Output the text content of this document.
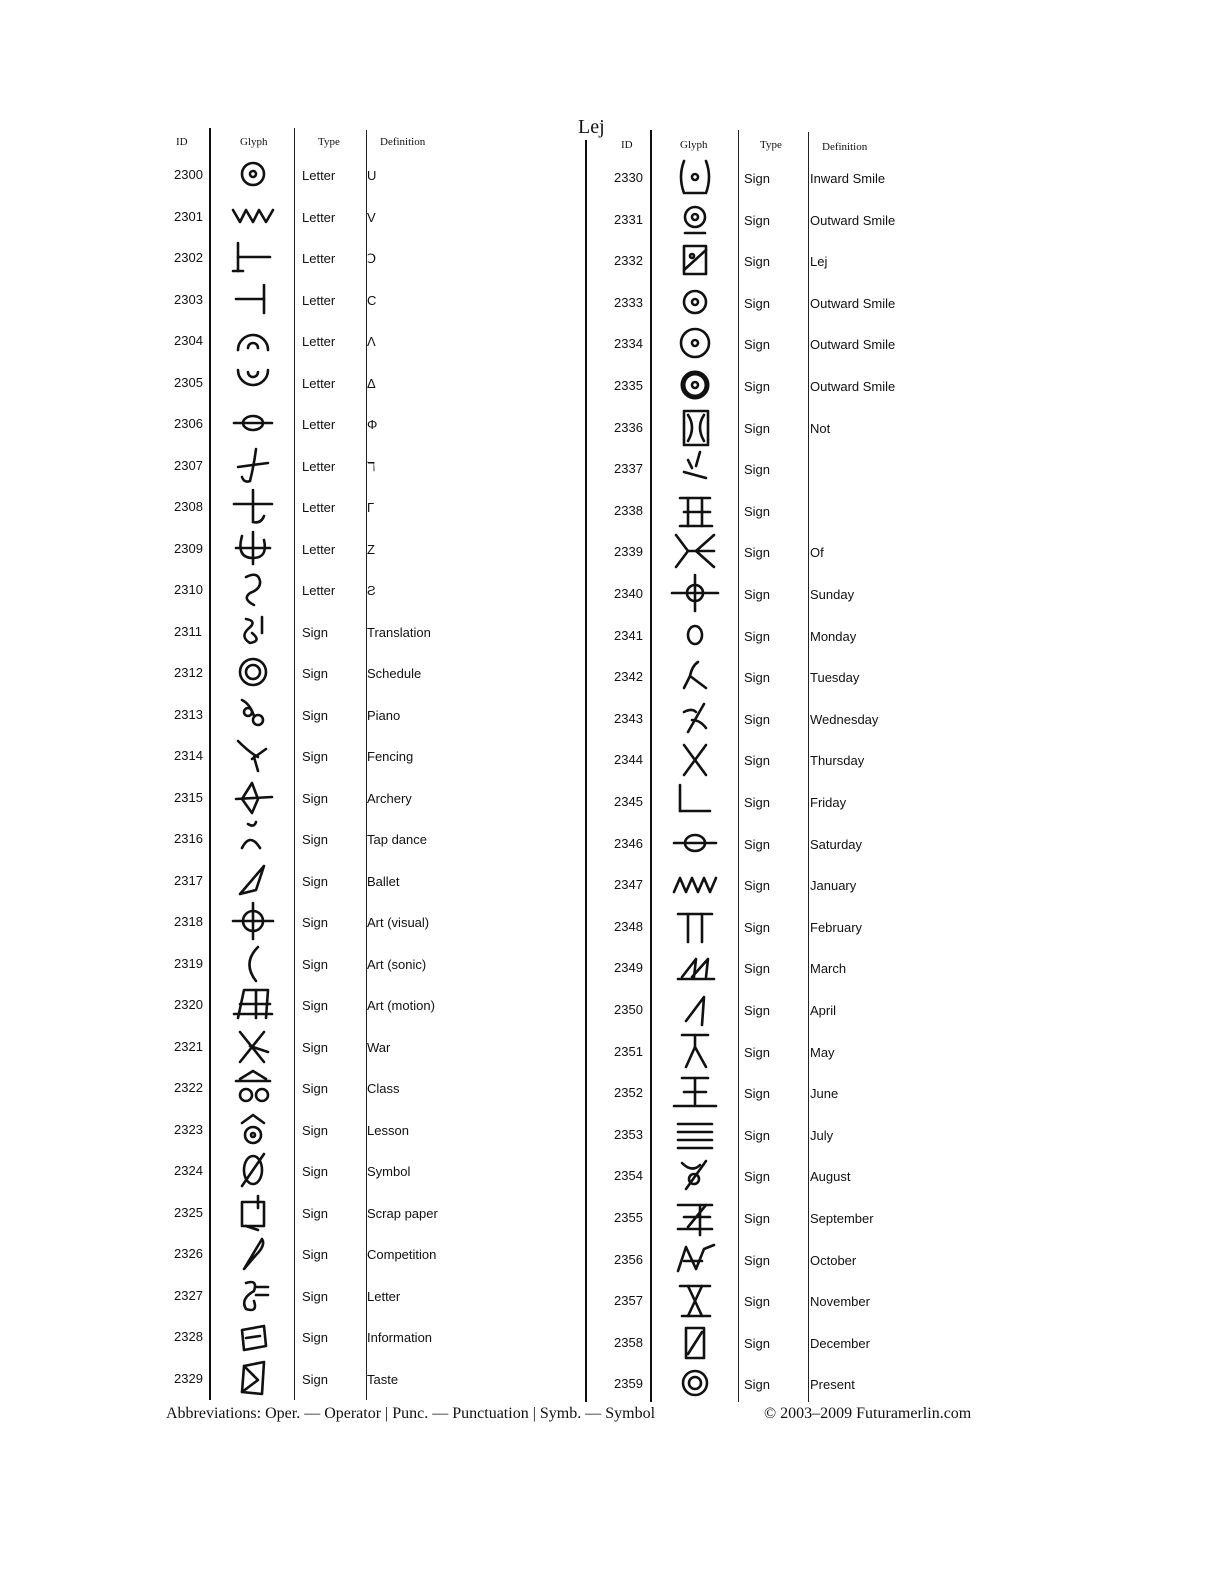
Lej
ID	Glyph	Type	Definition	ID	Glyph	Type	Definition
2300	Letter U
2301	Letter V
2302	Letter Ↄ
2303	Letter C
2304	Letter Λ
2305	Letter Δ
2306	Letter Φ
2307	Letter ℸ
2308	Letter Γ
2309	Letter Z
2310	Letter Ƨ
2311	Sign	Translation
2312	Sign	Schedule
2313	Sign	Piano
2314	Sign	Fencing
2315	Sign	Archery
2316	Sign	Tap dance
2317	Sign	Ballet
2318	Sign	Art (visual)
2319	Sign	Art (sonic)
2320	Sign	Art (motion)
2321	Sign	War
2322	Sign	Class
2323	Sign	Lesson
2324	Sign	Symbol
2325	Sign	Scrap paper
2326	Sign	Competition
2327	Sign	Letter
2328	Sign	Information
2329	Sign	Taste
2330	Sign	Inward Smile
2331	Sign	Outward Smile
2332	Sign	Lej
2333	Sign	Outward Smile
2334	Sign	Outward Smile
2335	Sign	Outward Smile
2336	Sign	Not
2337	Sign
2338	Sign
2339	Sign	Of
2340	Sign	Sunday
2341	Sign	Monday
2342	Sign	Tuesday
2343	Sign	Wednesday
2344	Sign	Thursday
2345	Sign	Friday
2346	Sign	Saturday
2347	Sign	January
2348	Sign	February
2349	Sign	March
2350	Sign	April
2351	Sign	May
2352	Sign	June
2353	Sign	July
2354	Sign	August
2355	Sign	September
2356	Sign	October
2357	Sign	November
2358	Sign	December
2359	Sign	Present
Abbreviations: Oper. — Operator | Punc. — Punctuation | Symb. — Symbol	© 2003–2009 Futuramerlin.com
